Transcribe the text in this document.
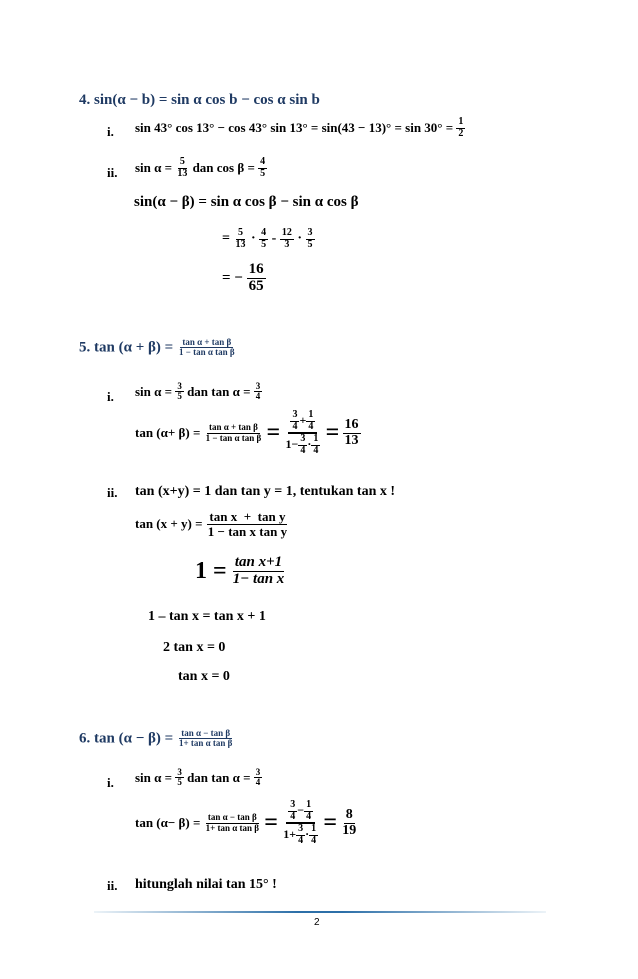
4. sin(α − b) = sin α cos b − cos α sin b
i. sin 43° cos 13° − cos 43° $\sin 13^\circ = \sin(43 - 13)^\circ = \sin 30^\circ = \frac{1}{2}$
ii. $\sin \alpha = \frac{5}{13}$ dan $\cos \beta = \frac{4}{5}$
sin(α − β) = sin α cos β − sin α cos β
= $\frac{5}{13} \cdot \frac{4}{5} - \frac{12}{3} \cdot \frac{3}{5}$
= − $\frac{16}{65}$
5. $\tan (\alpha + \beta) = \frac{\text{tan α + tan β}}{\text{1 − tan α tan β}}$
i. $\sin \alpha = \frac{3}{5}$ dan $\tan \alpha = \frac{3}{4}$
$\tan (\alpha+ \beta) = \frac{\text{tan α + tan β}}{\text{1 − tan α tan β}} = \frac{\frac{3}{4} + \frac{1}{4}}{1- \frac{3}{4} \cdot \frac{1}{4}} = \frac{16}{13}$
ii. tan (x+y) = 1 dan tan y = 1, tentukan tan x !
$\tan (x + y) = \frac{\text{tan x  +  tan y}}{\text{1 − tan x tan y}}$
$1 = \frac{\text{tan x+1}}{\text{1− tan x}}$
1 – tan x = tan x + 1
2 tan x = 0
tan x = 0
6. $\tan (\alpha - \beta) = \frac{\text{tan α − tan β}}{\text{1+ tan α tan β}}$
i. $\sin \alpha = \frac{3}{5}$ dan $\tan \alpha = \frac{3}{4}$
$\tan (\alpha- \beta) = \frac{\text{tan α − tan β}}{\text{1+ tan α tan β}} = \frac{\frac{3}{4} - \frac{1}{4}}{1+ \frac{3}{4} \cdot \frac{1}{4}} = \frac{8}{19}$
ii. hitunglah nilai tan 15° !
2
